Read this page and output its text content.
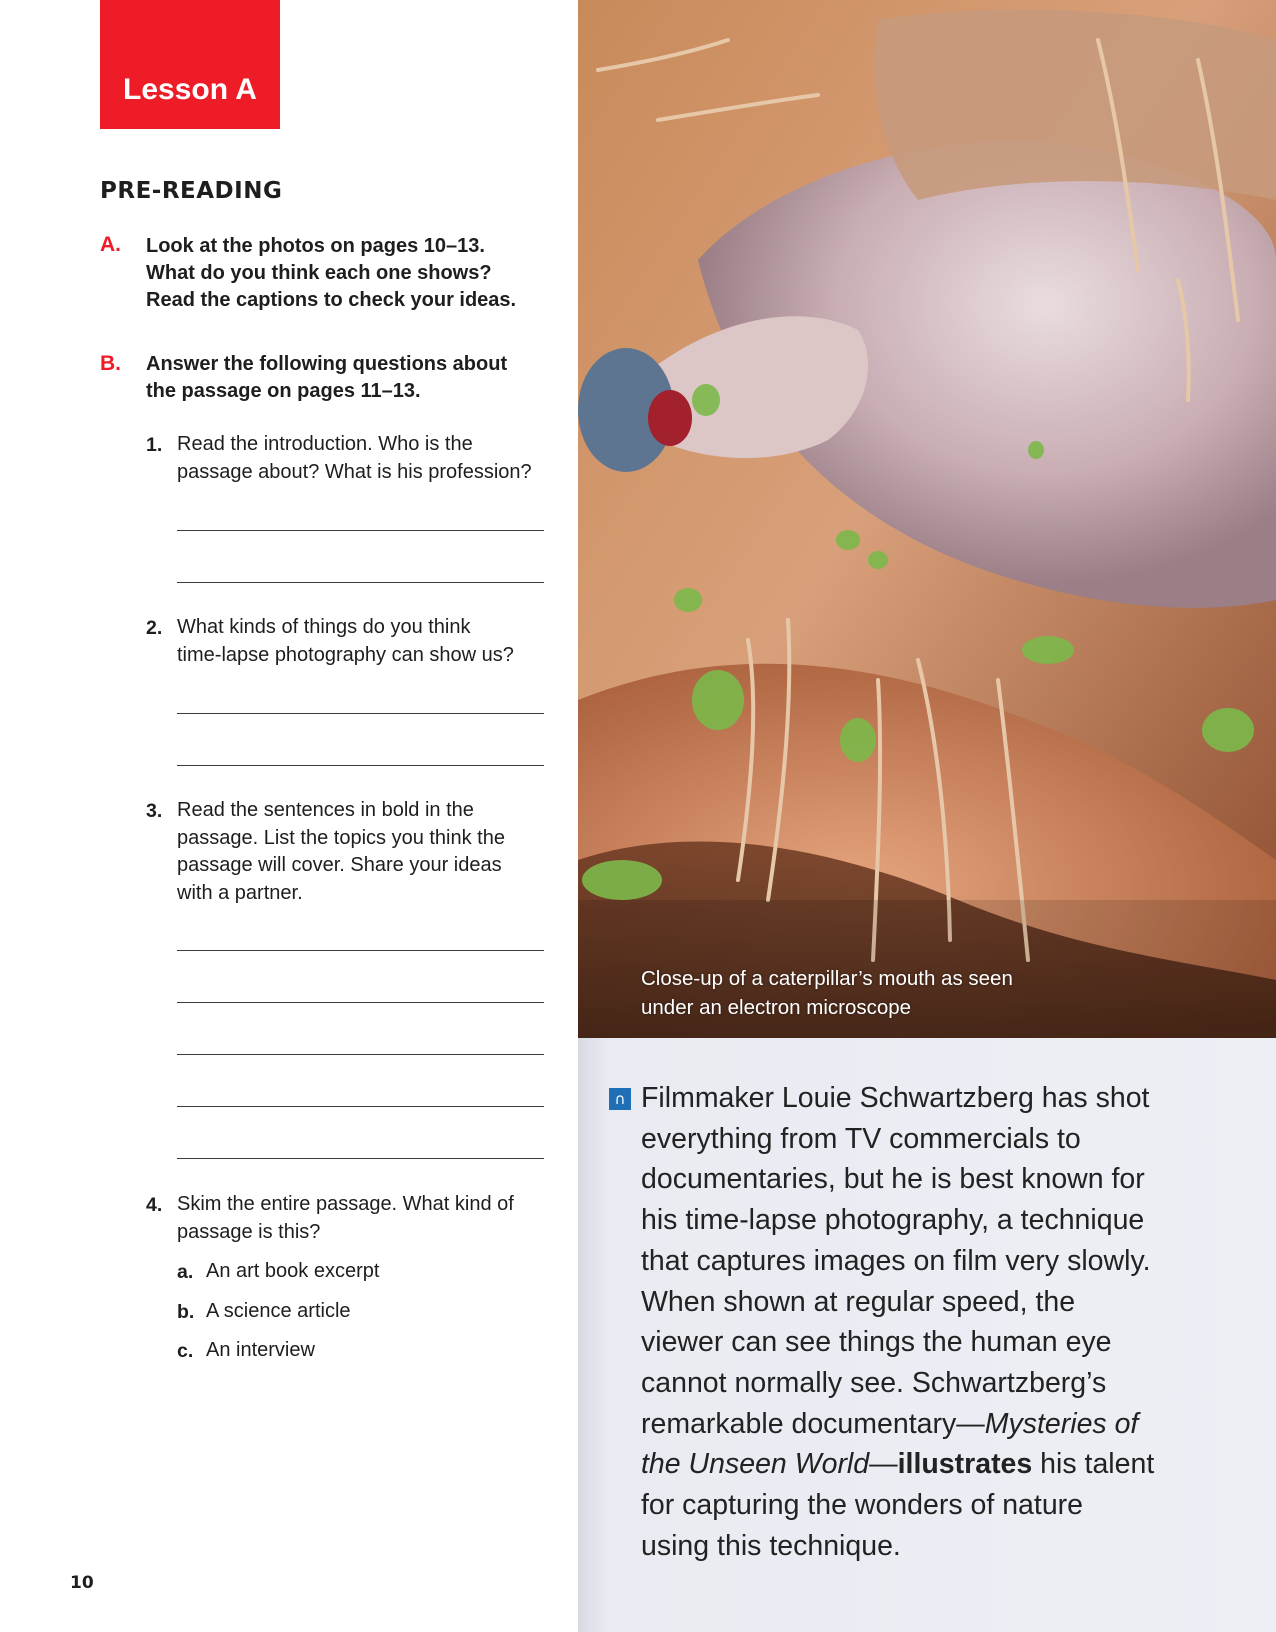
Lesson A
PRE-READING
A. Look at the photos on pages 10–13.
What do you think each one shows?
Read the captions to check your ideas.
B. Answer the following questions about
the passage on pages 11–13.
1. Read the introduction. Who is the
passage about? What is his profession?
2. What kinds of things do you think
time-lapse photography can show us?
3. Read the sentences in bold in the
passage. List the topics you think the
passage will cover. Share your ideas
with a partner.
4. Skim the entire passage. What kind of
passage is this?
a. An art book excerpt
b. A science article
c. An interview
10
Close-up of a caterpillar’s mouth as seen
under an electron microscope
∩ Filmmaker Louie Schwartzberg has shot
everything from TV commercials to
documentaries, but he is best known for
his time-lapse photography, a technique
that captures images on film very slowly.
When shown at regular speed, the
viewer can see things the human eye
cannot normally see. Schwartzberg’s
remarkable documentary—Mysteries of
the Unseen World—illustrates his talent
for capturing the wonders of nature
using this technique.
